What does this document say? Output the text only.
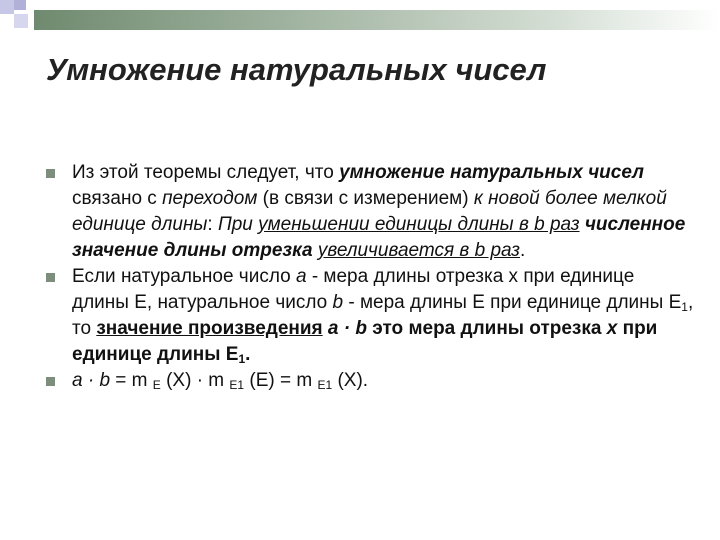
Умножение натуральных чисел
Из этой теоремы следует, что умножение натуральных чисел связано с переходом (в связи с измерением) к новой более мелкой единице длины: При уменьшении единицы длины в b раз численное значение длины отрезка увеличивается в b раз.
Если натуральное число a - мера длины отрезка х при единице длины Е, натуральное число b - мера длины Е при единице длины $Е_1$, то значение произведения a · b это мера длины отрезка х при единице длины $Е_1$.
a · b = m $_E$ (X) · m $_{E1}$ (E) = m $_{E1}$ (X).
